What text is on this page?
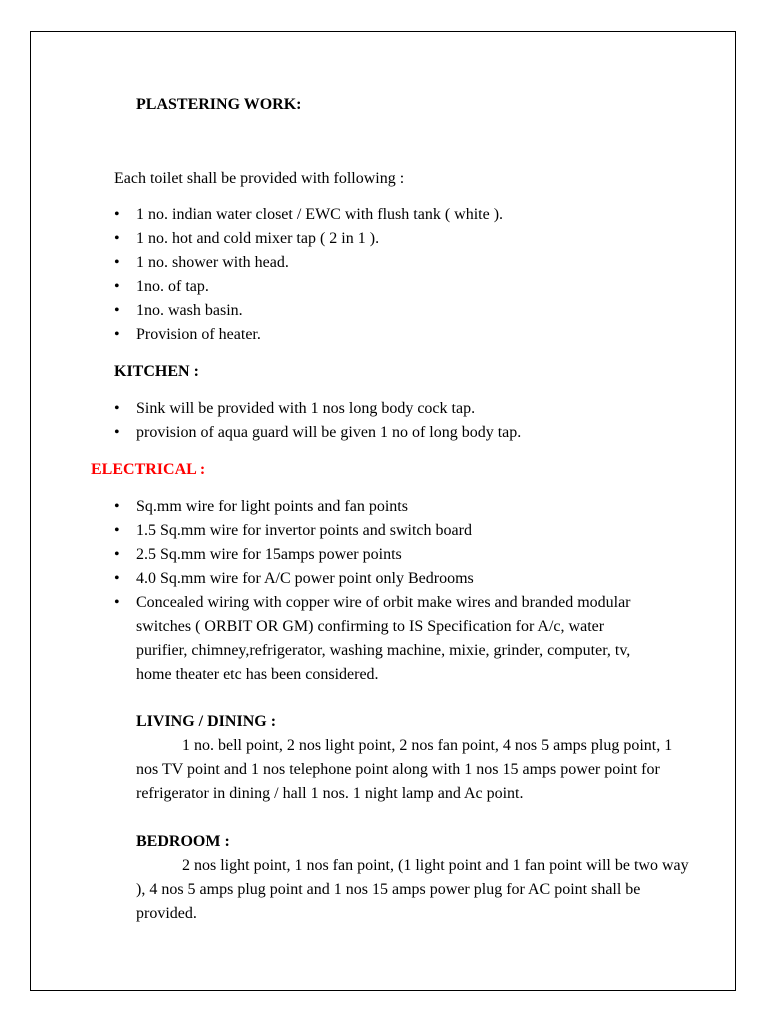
PLASTERING WORK:
Each toilet shall be provided with following :
• 1 no. indian water closet / EWC with flush tank ( white ).
• 1 no. hot and cold mixer tap ( 2 in 1 ).
• 1 no. shower with head.
• 1no. of tap.
• 1no. wash basin.
• Provision of heater.
KITCHEN :
• Sink will be provided with 1 nos long body cock tap.
• provision of aqua guard will be given 1 no of long body tap.
ELECTRICAL :
• Sq.mm wire for light points and fan points
• 1.5 Sq.mm wire for invertor points and switch board
• 2.5 Sq.mm wire for 15amps power points
• 4.0 Sq.mm wire for A/C power point only Bedrooms
• Concealed wiring with copper wire of orbit make wires and branded modular switches ( ORBIT OR GM) confirming to IS Specification for A/c, water purifier, chimney,refrigerator, washing machine, mixie, grinder, computer, tv, home theater etc has been considered.
LIVING / DINING :
1 no. bell point, 2 nos light point, 2 nos fan point, 4 nos 5 amps plug point, 1 nos TV point and 1 nos telephone point along with 1 nos 15 amps power point for refrigerator in dining / hall 1 nos. 1 night lamp and Ac point.
BEDROOM :
2 nos light point, 1 nos fan point, (1 light point and 1 fan point will be two way ), 4 nos 5 amps plug point and 1 nos 15 amps power plug for AC point shall be provided.
